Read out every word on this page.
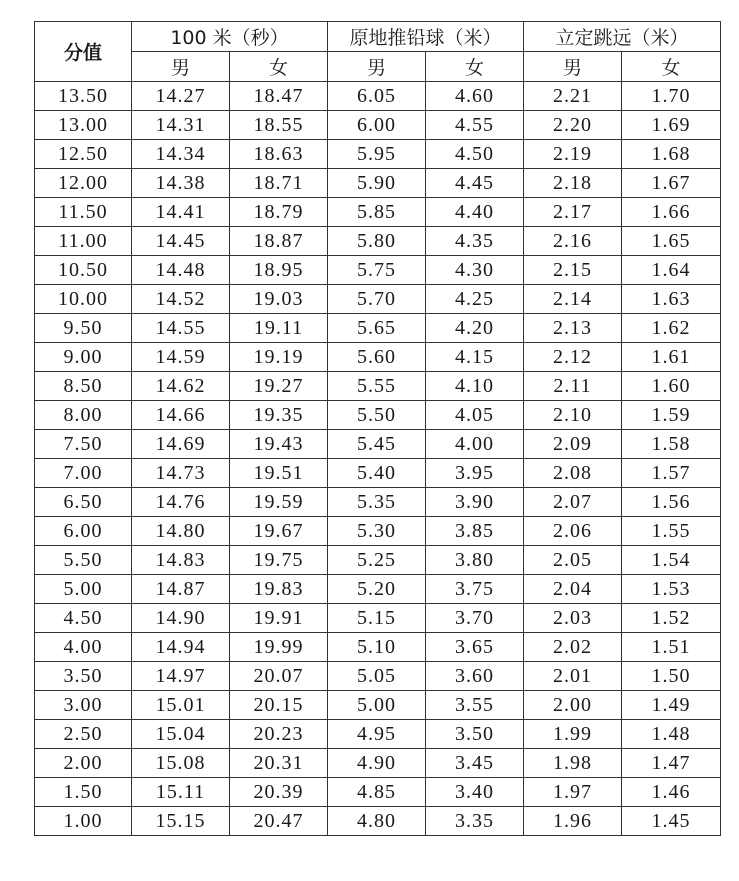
分值	100 米（秒）		原地推铅球（米）		立定跳远（米）	
	男	女	男	女	男	女
13.50	14.27	18.47	6.05	4.60	2.21	1.70
13.00	14.31	18.55	6.00	4.55	2.20	1.69
12.50	14.34	18.63	5.95	4.50	2.19	1.68
12.00	14.38	18.71	5.90	4.45	2.18	1.67
11.50	14.41	18.79	5.85	4.40	2.17	1.66
11.00	14.45	18.87	5.80	4.35	2.16	1.65
10.50	14.48	18.95	5.75	4.30	2.15	1.64
10.00	14.52	19.03	5.70	4.25	2.14	1.63
9.50	14.55	19.11	5.65	4.20	2.13	1.62
9.00	14.59	19.19	5.60	4.15	2.12	1.61
8.50	14.62	19.27	5.55	4.10	2.11	1.60
8.00	14.66	19.35	5.50	4.05	2.10	1.59
7.50	14.69	19.43	5.45	4.00	2.09	1.58
7.00	14.73	19.51	5.40	3.95	2.08	1.57
6.50	14.76	19.59	5.35	3.90	2.07	1.56
6.00	14.80	19.67	5.30	3.85	2.06	1.55
5.50	14.83	19.75	5.25	3.80	2.05	1.54
5.00	14.87	19.83	5.20	3.75	2.04	1.53
4.50	14.90	19.91	5.15	3.70	2.03	1.52
4.00	14.94	19.99	5.10	3.65	2.02	1.51
3.50	14.97	20.07	5.05	3.60	2.01	1.50
3.00	15.01	20.15	5.00	3.55	2.00	1.49
2.50	15.04	20.23	4.95	3.50	1.99	1.48
2.00	15.08	20.31	4.90	3.45	1.98	1.47
1.50	15.11	20.39	4.85	3.40	1.97	1.46
1.00	15.15	20.47	4.80	3.35	1.96	1.45
